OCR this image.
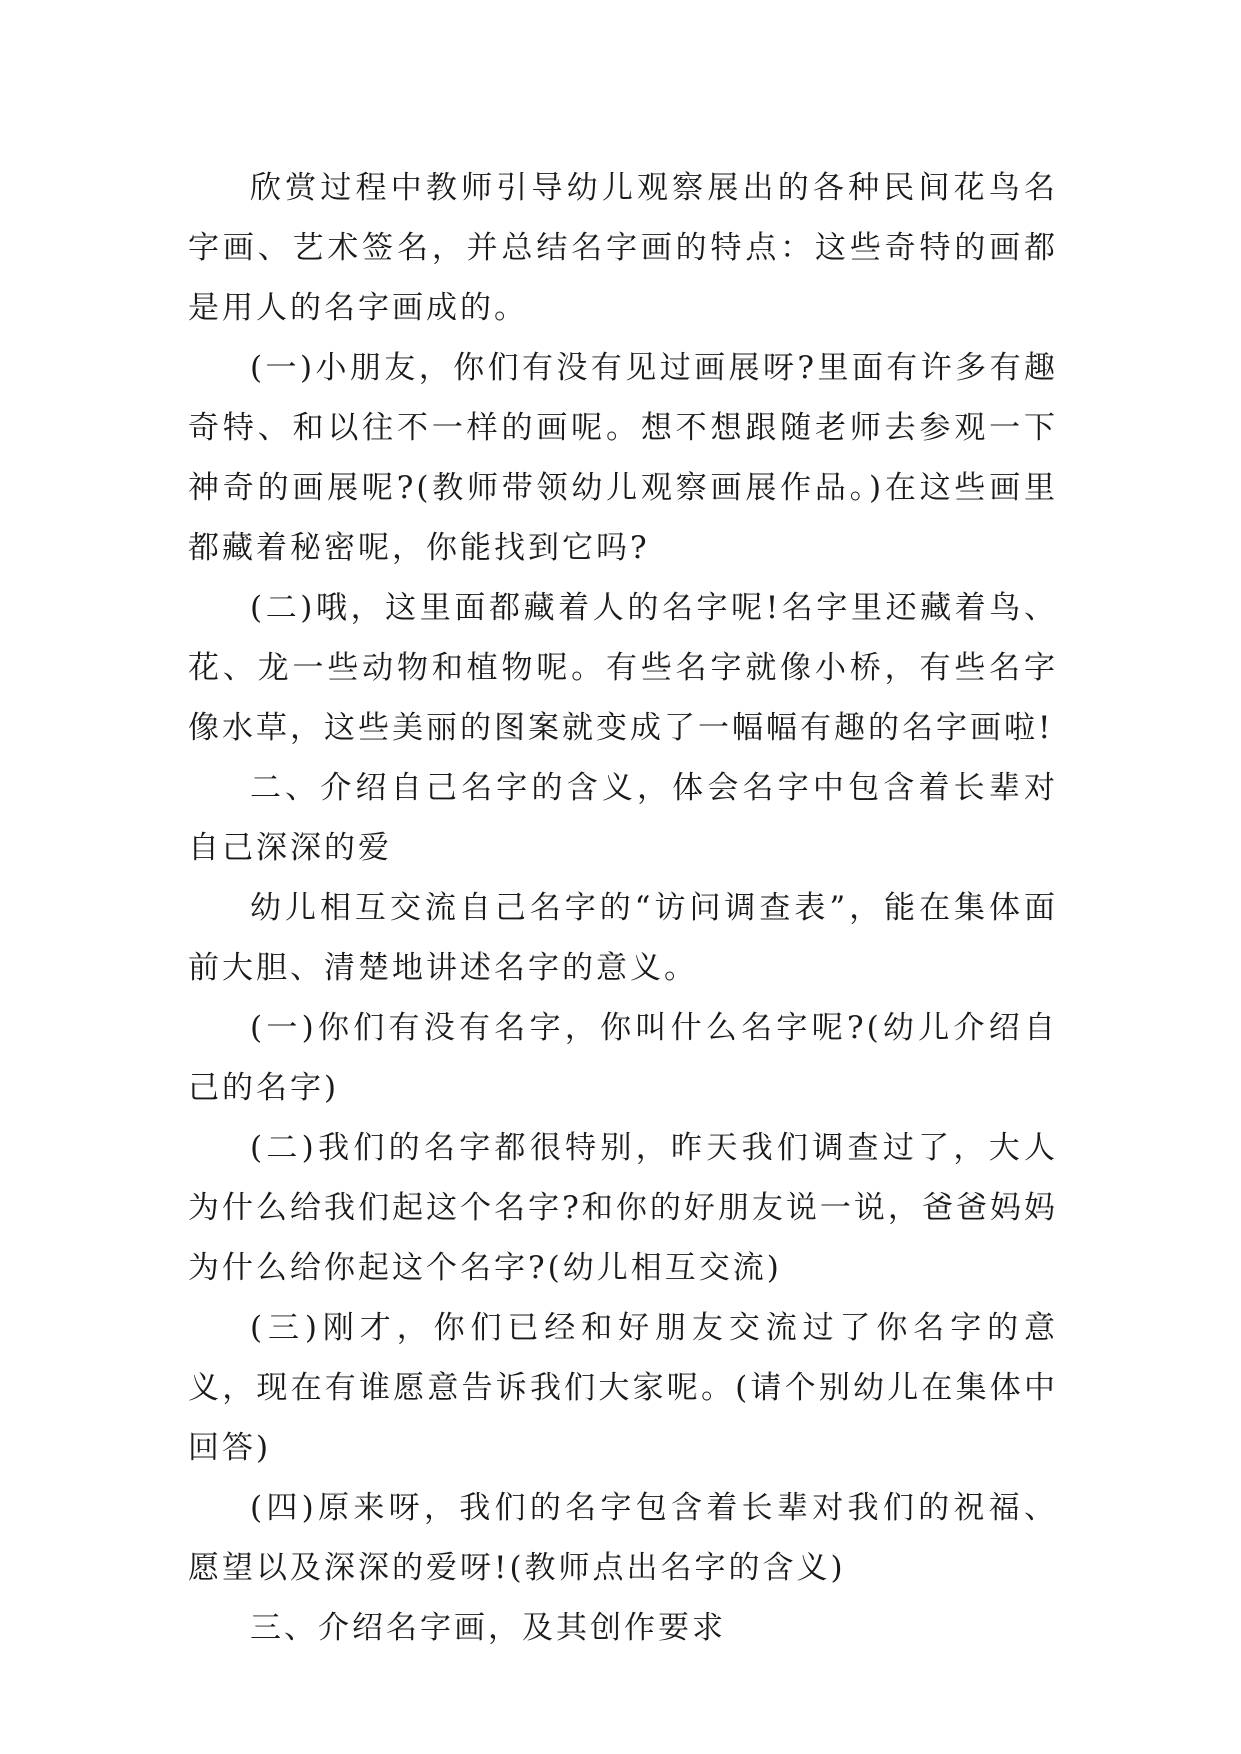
欣赏过程中教师引导幼儿观察展出的各种民间花鸟名字画、艺术签名，并总结名字画的特点：这些奇特的画都是用人的名字画成的。

(一)小朋友，你们有没有见过画展呀?里面有许多有趣奇特、和以往不一样的画呢。想不想跟随老师去参观一下神奇的画展呢?(教师带领幼儿观察画展作品。)在这些画里都藏着秘密呢，你能找到它吗?

(二)哦，这里面都藏着人的名字呢!名字里还藏着鸟、花、龙一些动物和植物呢。有些名字就像小桥，有些名字像水草，这些美丽的图案就变成了一幅幅有趣的名字画啦!

二、介绍自己名字的含义，体会名字中包含着长辈对自己深深的爱

幼儿相互交流自己名字的“访问调查表”，能在集体面前大胆、清楚地讲述名字的意义。

(一)你们有没有名字，你叫什么名字呢?(幼儿介绍自己的名字)

(二)我们的名字都很特别，昨天我们调查过了，大人为什么给我们起这个名字?和你的好朋友说一说，爸爸妈妈为什么给你起这个名字?(幼儿相互交流)

(三)刚才，你们已经和好朋友交流过了你名字的意义，现在有谁愿意告诉我们大家呢。(请个别幼儿在集体中回答)

(四)原来呀，我们的名字包含着长辈对我们的祝福、愿望以及深深的爱呀!(教师点出名字的含义)

三、介绍名字画，及其创作要求
